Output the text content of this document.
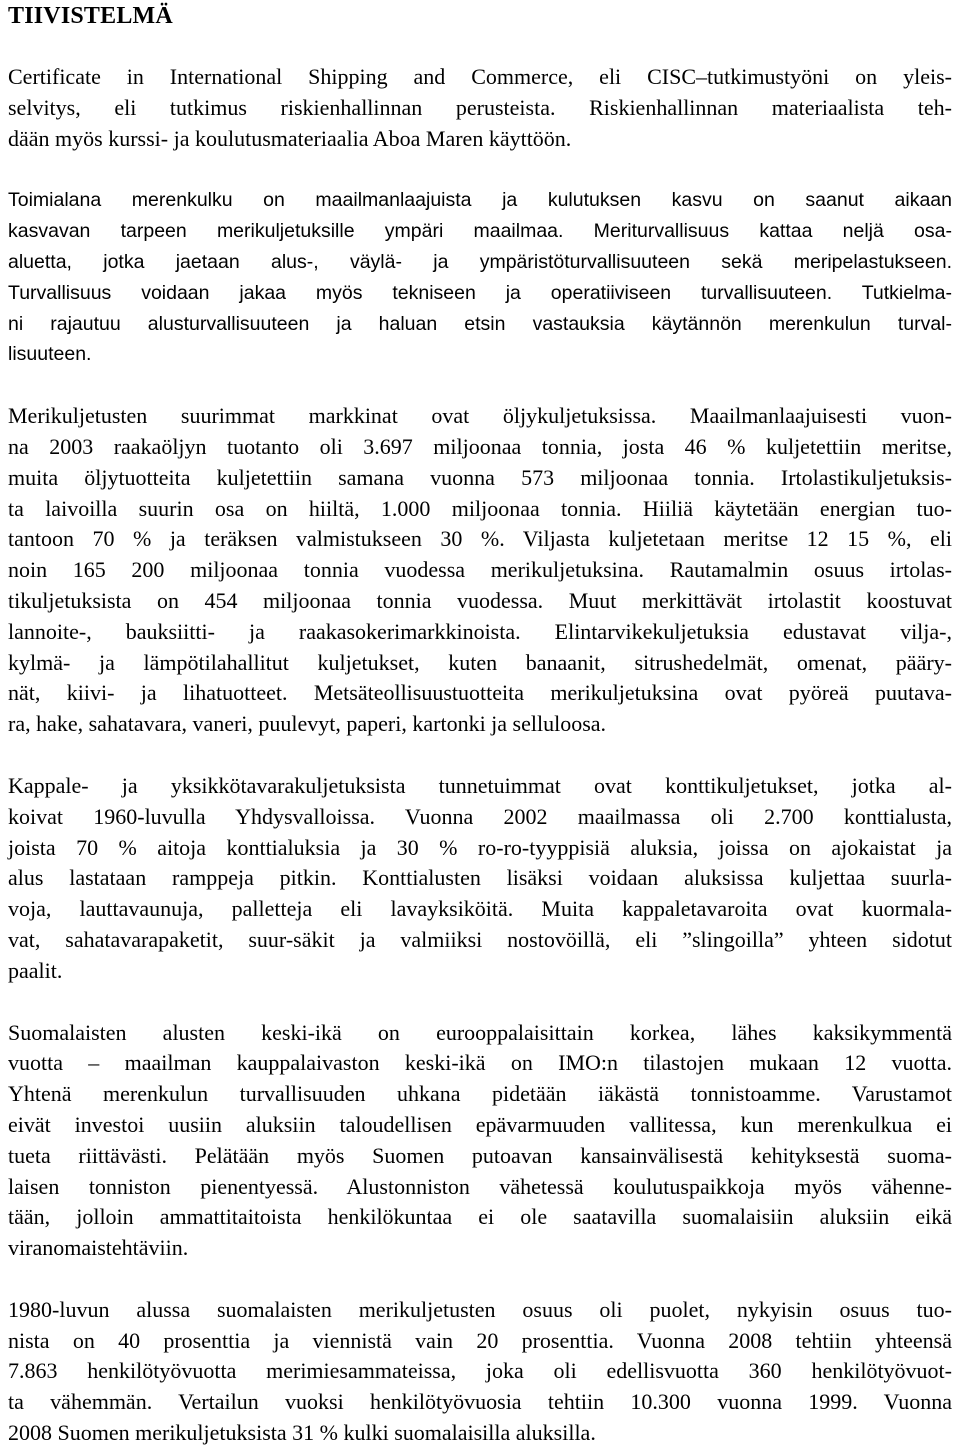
TIIVISTELMÄ

Certificate in International Shipping and Commerce, eli CISC–tutkimustyöni on yleis-
selvitys, eli tutkimus riskienhallinnan perusteista. Riskienhallinnan materiaalista teh-
dään myös kurssi- ja koulutusmateriaalia Aboa Maren käyttöön.

Toimialana merenkulku on maailmanlaajuista ja kulutuksen kasvu on saanut aikaan
kasvavan tarpeen merikuljetuksille ympäri maailmaa. Meriturvallisuus kattaa neljä osa-
aluetta, jotka jaetaan alus-, väylä- ja ympäristöturvallisuuteen sekä meripelastukseen.
Turvallisuus voidaan jakaa myös tekniseen ja operatiiviseen turvallisuuteen. Tutkielma-
ni rajautuu alusturvallisuuteen ja haluan etsin vastauksia käytännön merenkulun turval-
lisuuteen.

Merikuljetusten suurimmat markkinat ovat öljykuljetuksissa. Maailmanlaajuisesti vuon-
na 2003 raakaöljyn tuotanto oli 3.697 miljoonaa tonnia, josta 46 % kuljetettiin meritse,
muita öljytuotteita kuljetettiin samana vuonna 573 miljoonaa tonnia. Irtolastikuljetuksis-
ta laivoilla suurin osa on hiiltä, 1.000 miljoonaa tonnia. Hiiliä käytetään energian tuo-
tantoon 70 % ja teräksen valmistukseen 30 %. Viljasta kuljetetaan meritse 12 15 %, eli
noin 165 200 miljoonaa tonnia vuodessa merikuljetuksina. Rautamalmin osuus irtolas-
tikuljetuksista on 454 miljoonaa tonnia vuodessa. Muut merkittävät irtolastit koostuvat
lannoite-, bauksiitti- ja raakasokerimarkkinoista. Elintarvikekuljetuksia edustavat vilja-,
kylmä- ja lämpötilahallitut kuljetukset, kuten banaanit, sitrushedelmät, omenat, pääry-
nät, kiivi- ja lihatuotteet. Metsäteollisuustuotteita merikuljetuksina ovat pyöreä puutava-
ra, hake, sahatavara, vaneri, puulevyt, paperi, kartonki ja selluloosa.

Kappale- ja yksikkötavarakuljetuksista tunnetuimmat ovat konttikuljetukset, jotka al-
koivat 1960-luvulla Yhdysvalloissa. Vuonna 2002 maailmassa oli 2.700 konttialusta,
joista 70 % aitoja konttialuksia ja 30 % ro-ro-tyyppisiä aluksia, joissa on ajokaistat ja
alus lastataan ramppeja pitkin. Konttialusten lisäksi voidaan aluksissa kuljettaa suurla-
voja, lauttavaunuja, palletteja eli lavayksiköitä. Muita kappaletavaroita ovat kuormala-
vat, sahatavarapaketit, suur-säkit ja valmiiksi nostovöillä, eli ”slingoilla” yhteen sidotut
paalit.

Suomalaisten alusten keski-ikä on eurooppalaisittain korkea, lähes kaksikymmentä
vuotta – maailman kauppalaivaston keski-ikä on IMO:n tilastojen mukaan 12 vuotta.
Yhtenä merenkulun turvallisuuden uhkana pidetään iäkästä tonnistoamme. Varustamot
eivät investoi uusiin aluksiin taloudellisen epävarmuuden vallitessa, kun merenkulkua ei
tueta riittävästi. Pelätään myös Suomen putoavan kansainvälisestä kehityksestä suoma-
laisen tonniston pienentyessä. Alustonniston vähetessä koulutuspaikkoja myös vähenne-
tään, jolloin ammattitaitoista henkilökuntaa ei ole saatavilla suomalaisiin aluksiin eikä
viranomaistehtäviin.

1980-luvun alussa suomalaisten merikuljetusten osuus oli puolet, nykyisin osuus tuo-
nista on 40 prosenttia ja viennistä vain 20 prosenttia. Vuonna 2008 tehtiin yhteensä
7.863 henkilötyövuotta merimiesammateissa, joka oli edellisvuotta 360 henkilötyövuot-
ta vähemmän. Vertailun vuoksi henkilötyövuosia tehtiin 10.300 vuonna 1999. Vuonna
2008 Suomen merikuljetuksista 31 % kulki suomalaisilla aluksilla.
